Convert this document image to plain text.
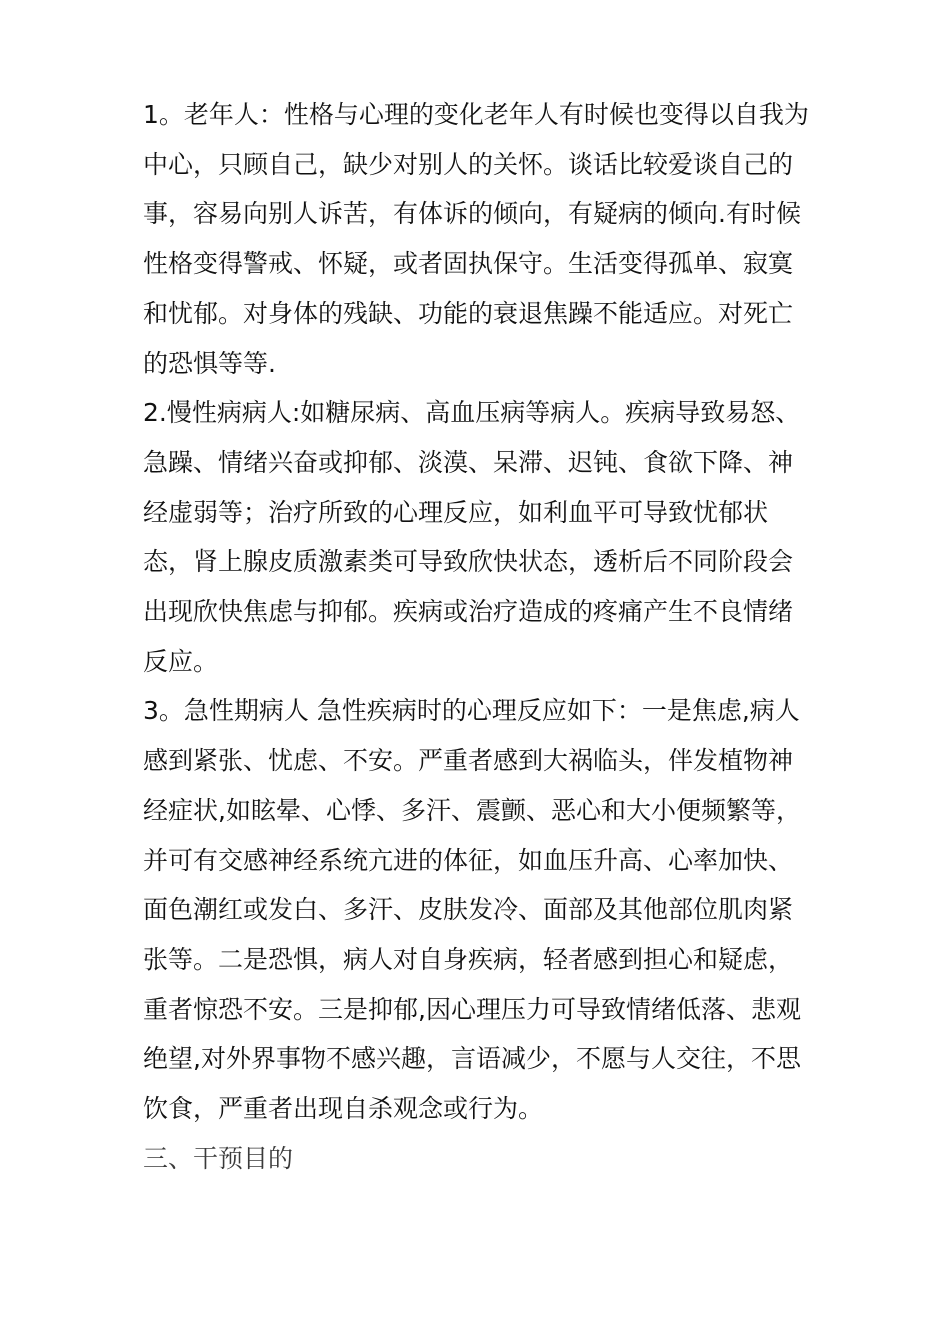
1。老年人：性格与心理的变化老年人有时候也变得以自我为中心，只顾自己，缺少对别人的关怀。谈话比较爱谈自己的事，容易向别人诉苦，有体诉的倾向，有疑病的倾向.有时候性格变得警戒、怀疑，或者固执保守。生活变得孤单、寂寞和忧郁。对身体的残缺、功能的衰退焦躁不能适应。对死亡的恐惧等等.

2.慢性病病人:如糖尿病、高血压病等病人。疾病导致易怒、急躁、情绪兴奋或抑郁、淡漠、呆滞、迟钝、食欲下降、神经虚弱等；治疗所致的心理反应，如利血平可导致忧郁状态，肾上腺皮质激素类可导致欣快状态，透析后不同阶段会出现欣快焦虑与抑郁。疾病或治疗造成的疼痛产生不良情绪反应。

3。急性期病人 急性疾病时的心理反应如下：一是焦虑,病人感到紧张、忧虑、不安。严重者感到大祸临头，伴发植物神经症状,如眩晕、心悸、多汗、震颤、恶心和大小便频繁等，并可有交感神经系统亢进的体征，如血压升高、心率加快、面色潮红或发白、多汗、皮肤发冷、面部及其他部位肌肉紧张等。二是恐惧，病人对自身疾病，轻者感到担心和疑虑，重者惊恐不安。三是抑郁,因心理压力可导致情绪低落、悲观绝望,对外界事物不感兴趣，言语减少，不愿与人交往，不思饮食，严重者出现自杀观念或行为。

三、干预目的
